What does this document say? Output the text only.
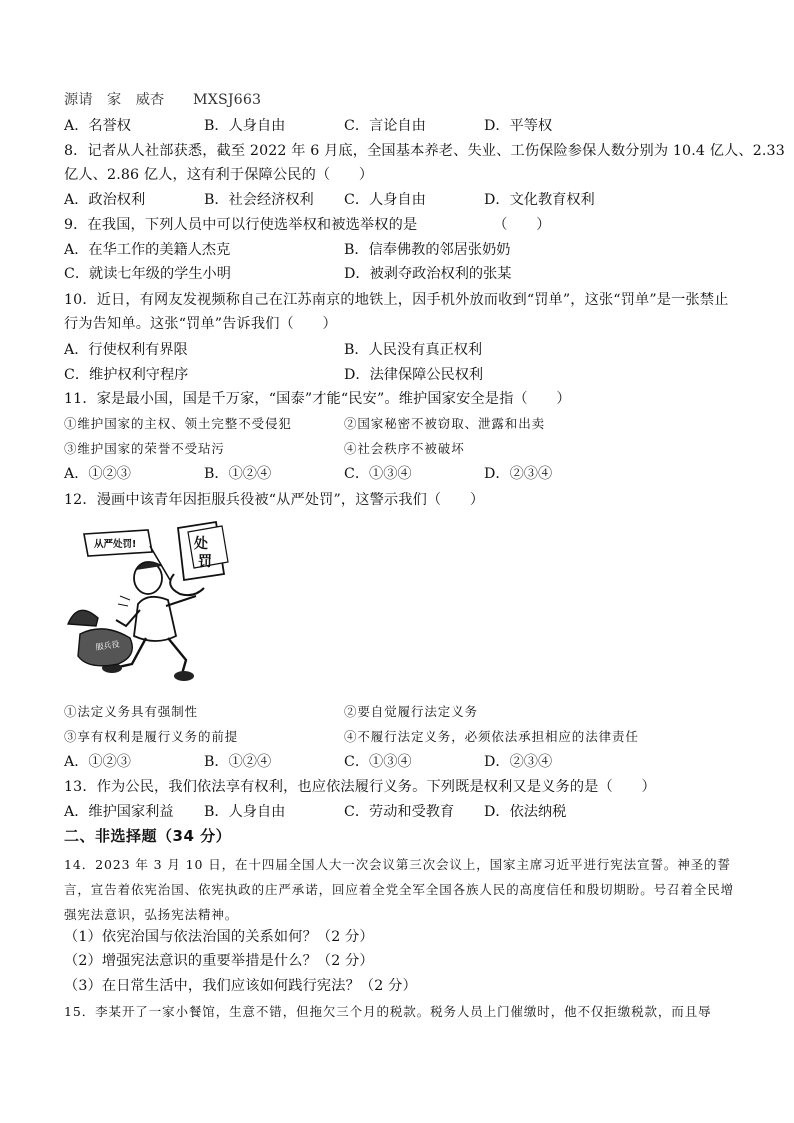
源请　家　威杏　　MXSJ663
A．名誉权	B．人身自由	C．言论自由	D．平等权
8．记者从人社部获悉，截至 2022 年 6 月底，全国基本养老、失业、工伤保险参保人数分别为 10.4 亿人、2.33
亿人、2.86 亿人，这有利于保障公民的（　　）
A．政治权利	B．社会经济权利 C．人身自由	D．文化教育权利
9．在我国，下列人员中可以行使选举权和被选举权的是	（　　）
A．在华工作的美籍人杰克	B．信奉佛教的邻居张奶奶
C．就读七年级的学生小明	D．被剥夺政治权利的张某
10．近日，有网友发视频称自己在江苏南京的地铁上，因手机外放而收到“罚单”，这张“罚单”是一张禁止
行为告知单。这张“罚单”告诉我们（　　）
A．行使权利有界限	B．人民没有真正权利
C．维护权利守程序	D．法律保障公民权利
11．家是最小国，国是千万家，“国泰”才能“民安”。维护国家安全是指（　　）
①维护国家的主权、领土完整不受侵犯	②国家秘密不被窃取、泄露和出卖
③维护国家的荣誉不受玷污	④社会秩序不被破坏
A．①②③	B．①②④	C．①③④	D．②③④
12．漫画中该青年因拒服兵役被“从严处罚”，这警示我们（　　）
从严处罚!	处
罚
服兵役
①法定义务具有强制性	②要自觉履行法定义务
③享有权利是履行义务的前提	④不履行法定义务，必须依法承担相应的法律责任
A．①②③	B．①②④	C．①③④	D．②③④
13．作为公民，我们依法享有权利，也应依法履行义务。下列既是权利又是义务的是（　　）
A．维护国家利益 B．人身自由	C．劳动和受教育 D．依法纳税
二、非选择题（34 分）
14．2023 年 3 月 10 日，在十四届全国人大一次会议第三次会议上，国家主席习近平进行宪法宣誓。神圣的誓言，宣告着依宪治国、依宪执政的庄严承诺，回应着全党全军全国各族人民的高度信任和殷切期盼。号召着全民增强宪法意识，弘扬宪法精神。
（1）依宪治国与依法治国的关系如何？（2 分）
（2）增强宪法意识的重要举措是什么？（2 分）
（3）在日常生活中，我们应该如何践行宪法？（2 分）
15．李某开了一家小餐馆，生意不错，但拖欠三个月的税款。税务人员上门催缴时，他不仅拒缴税款，而且辱
